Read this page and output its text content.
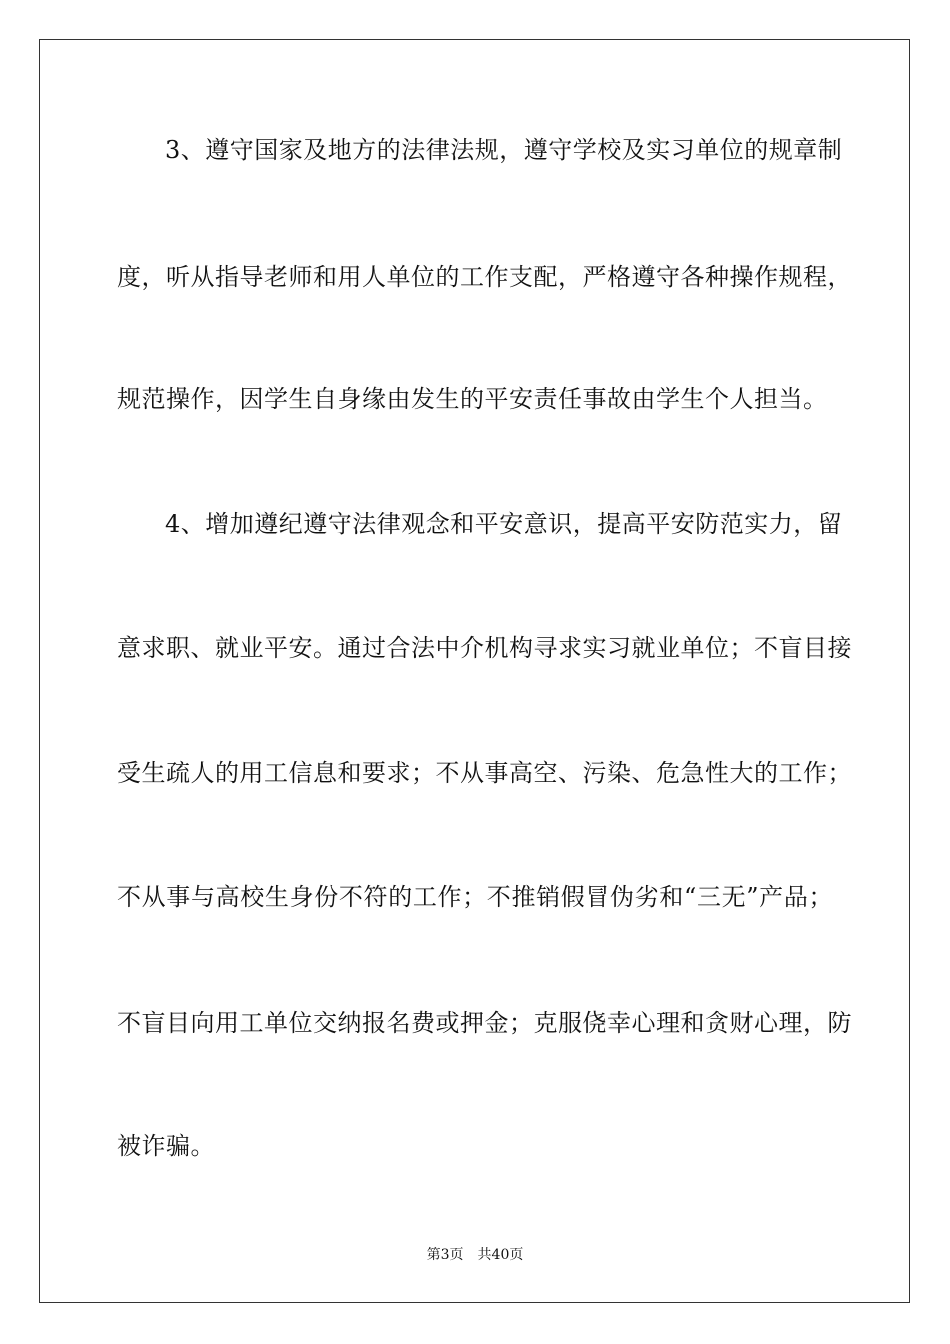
3、遵守国家及地方的法律法规，遵守学校及实习单位的规章制
度，听从指导老师和用人单位的工作支配，严格遵守各种操作规程，
规范操作，因学生自身缘由发生的平安责任事故由学生个人担当。
4、增加遵纪遵守法律观念和平安意识，提高平安防范实力，留
意求职、就业平安。通过合法中介机构寻求实习就业单位；不盲目接
受生疏人的用工信息和要求；不从事高空、污染、危急性大的工作；
不从事与高校生身份不符的工作；不推销假冒伪劣和“三无”产品；
不盲目向用工单位交纳报名费或押金；克服侥幸心理和贪财心理，防
被诈骗。
第3页 共40页
